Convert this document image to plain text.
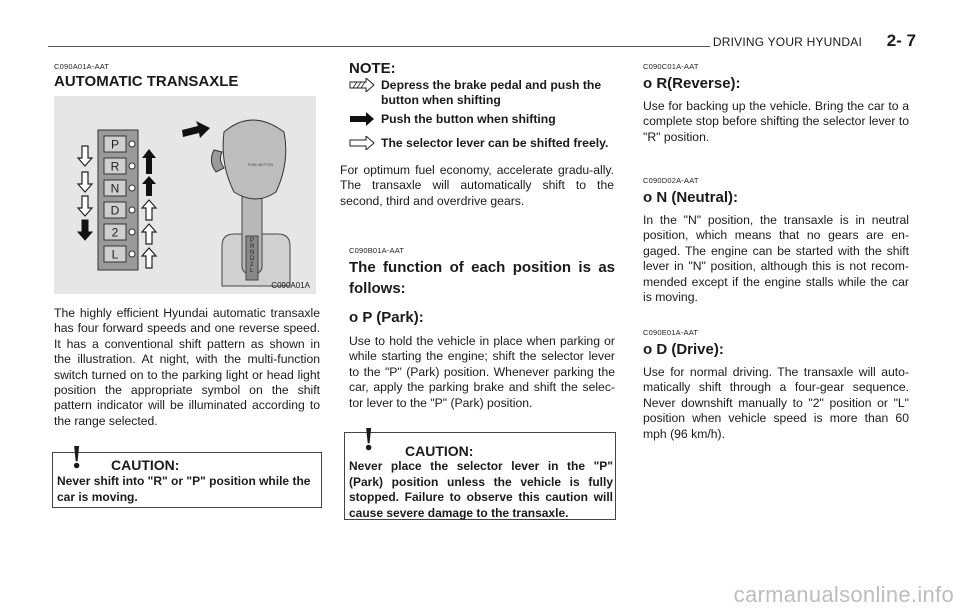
DRIVING YOUR HYUNDAI 2- 7
C090A01A-AAT
AUTOMATIC TRANSAXLE
P
R
N
D
2
L
P R N D 2 L
PUSH BUTTON
C090A01A
The highly efficient Hyundai automatic transaxle has four forward speeds and one reverse speed. It has a conventional shift pattern as shown in the illustration. At night, with the multi-function switch turned on to the parking light or head light position the appropriate symbol on the shift pattern indicator will be illuminated according to the range selected.
! CAUTION:
Never shift into "R" or "P" position while the car is moving.
NOTE:
Depress the brake pedal and push the button when shifting
Push the button when shifting
The selector lever can be shifted freely.
For optimum fuel economy, accelerate gradu-ally. The transaxle will automatically shift to the second, third and overdrive gears.
C090B01A-AAT
The function of each position is as follows:
o P (Park):
Use to hold the vehicle in place when parking or while starting the engine; shift the selector lever to the "P" (Park) position. Whenever parking the car, apply the parking brake and shift the selec-tor lever to the "P" (Park) position.
! CAUTION:
Never place the selector lever in the "P" (Park) position unless the vehicle is fully stopped. Failure to observe this caution will cause severe damage to the transaxle.
C090C01A-AAT
o R(Reverse):
Use for backing up the vehicle. Bring the car to a complete stop before shifting the selector lever to "R" position.
C090D02A-AAT
o N (Neutral):
In the "N" position, the transaxle is in neutral position, which means that no gears are en-gaged. The engine can be started with the shift lever in "N" position, although this is not recom-mended except if the engine stalls while the car is moving.
C090E01A-AAT
o D (Drive):
Use for normal driving. The transaxle will auto-matically shift through a four-gear sequence. Never downshift manually to "2" position or "L" position when vehicle speed is more than 60 mph (96 km/h).
carmanualsonline.info
